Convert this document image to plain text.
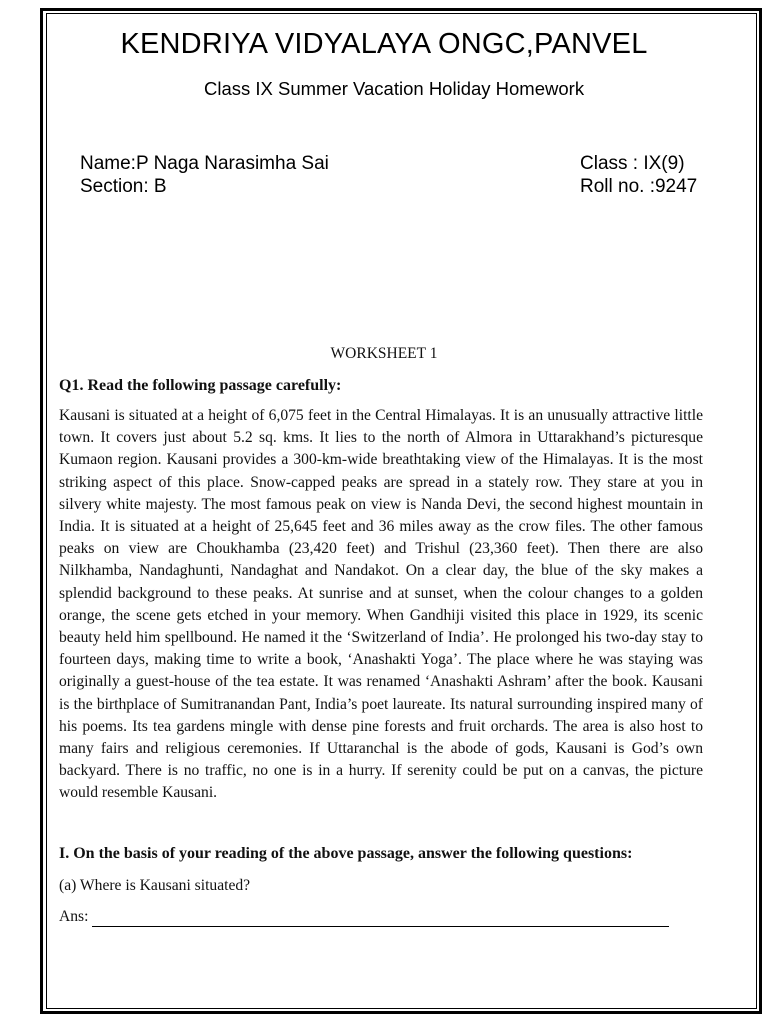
KENDRIYA VIDYALAYA ONGC,PANVEL
Class IX Summer Vacation Holiday Homework
Name:P Naga Narasimha Sai
Section: B
Class : IX(9)
Roll no. :9247
WORKSHEET 1
Q1. Read the following passage carefully:
Kausani is situated at a height of 6,075 feet in the Central Himalayas. It is an unusually attractive little town. It covers just about 5.2 sq. kms. It lies to the north of Almora in Uttarakhand’s picturesque Kumaon region. Kausani provides a 300-km-wide breathtaking view of the Himalayas. It is the most striking aspect of this place. Snow-capped peaks are spread in a stately row. They stare at you in silvery white majesty. The most famous peak on view is Nanda Devi, the second highest mountain in India. It is situated at a height of 25,645 feet and 36 miles away as the crow files. The other famous peaks on view are Choukhamba (23,420 feet) and Trishul (23,360 feet). Then there are also Nilkhamba, Nandaghunti, Nandaghat and Nandakot. On a clear day, the blue of the sky makes a splendid background to these peaks. At sunrise and at sunset, when the colour changes to a golden orange, the scene gets etched in your memory. When Gandhiji visited this place in 1929, its scenic beauty held him spellbound. He named it the ‘Switzerland of India’. He prolonged his two-day stay to fourteen days, making time to write a book, ‘Anashakti Yoga’. The place where he was staying was originally a guest-house of the tea estate. It was renamed ‘Anashakti Ashram’ after the book. Kausani is the birthplace of Sumitranandan Pant, India’s poet laureate. Its natural surrounding inspired many of his poems. Its tea gardens mingle with dense pine forests and fruit orchards. The area is also host to many fairs and religious ceremonies. If Uttaranchal is the abode of gods, Kausani is God’s own backyard. There is no traffic, no one is in a hurry. If serenity could be put on a canvas, the picture would resemble Kausani.
I. On the basis of your reading of the above passage, answer the following questions:
(a) Where is Kausani situated?
Ans:
